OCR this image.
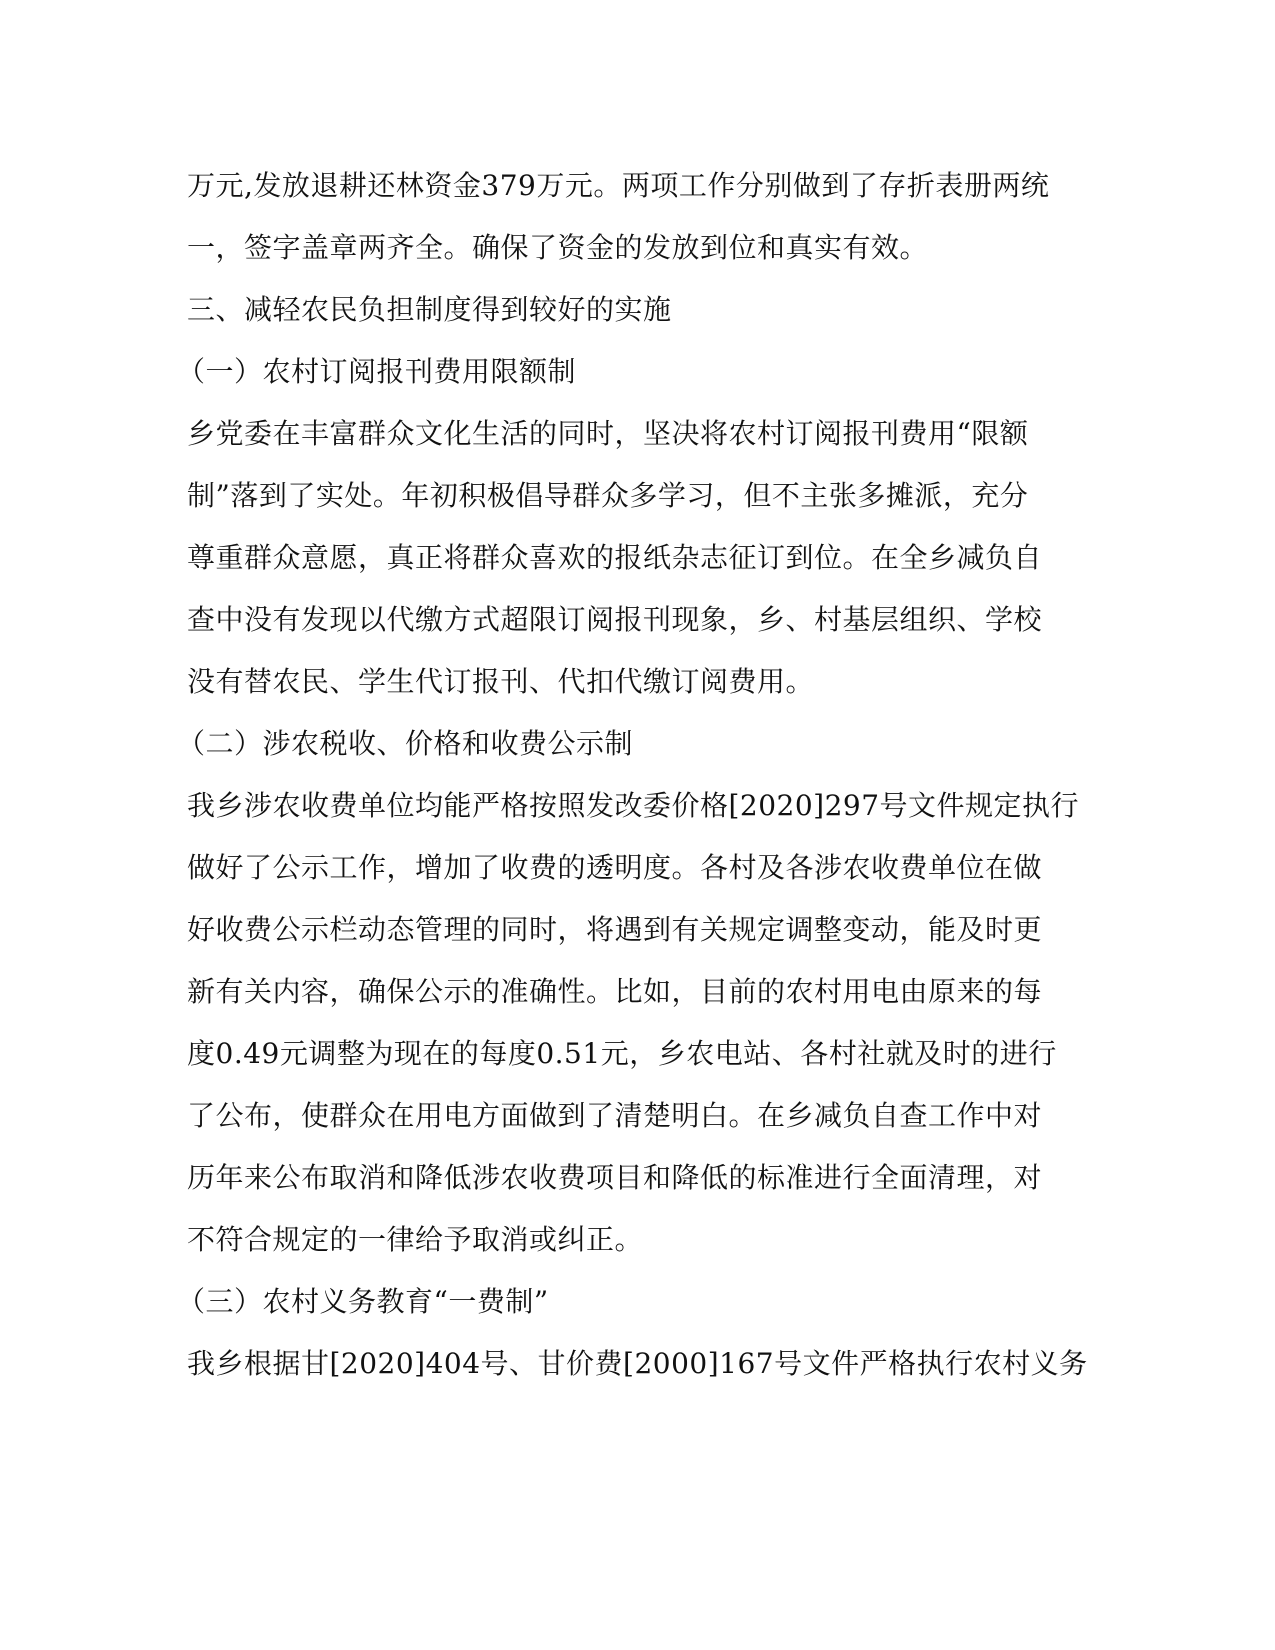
万元,发放退耕还林资金379万元。两项工作分别做到了存折表册两统
一，签字盖章两齐全。确保了资金的发放到位和真实有效。
三、减轻农民负担制度得到较好的实施
（一）农村订阅报刊费用限额制
乡党委在丰富群众文化生活的同时，坚决将农村订阅报刊费用“限额
制”落到了实处。年初积极倡导群众多学习，但不主张多摊派，充分
尊重群众意愿，真正将群众喜欢的报纸杂志征订到位。在全乡减负自
查中没有发现以代缴方式超限订阅报刊现象，乡、村基层组织、学校
没有替农民、学生代订报刊、代扣代缴订阅费用。
（二）涉农税收、价格和收费公示制
我乡涉农收费单位均能严格按照发改委价格[2020]297号文件规定执行
做好了公示工作，增加了收费的透明度。各村及各涉农收费单位在做
好收费公示栏动态管理的同时，将遇到有关规定调整变动，能及时更
新有关内容，确保公示的准确性。比如，目前的农村用电由原来的每
度0.49元调整为现在的每度0.51元，乡农电站、各村社就及时的进行
了公布，使群众在用电方面做到了清楚明白。在乡减负自查工作中对
历年来公布取消和降低涉农收费项目和降低的标准进行全面清理，对
不符合规定的一律给予取消或纠正。
（三）农村义务教育“一费制”
我乡根据甘[2020]404号、甘价费[2000]167号文件严格执行农村义务
